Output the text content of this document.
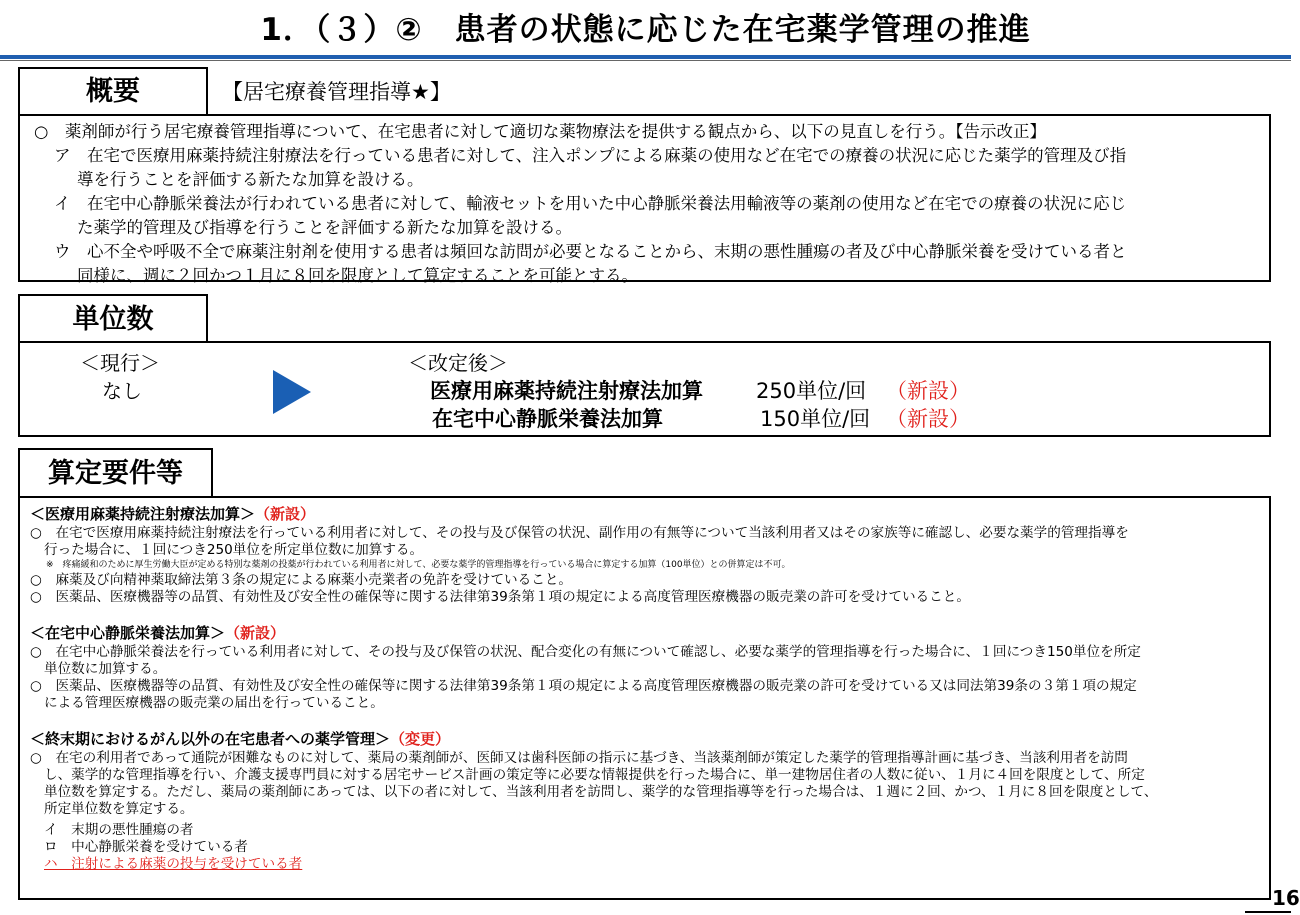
1．（３）②　患者の状態に応じた在宅薬学管理の推進
概要	【居宅療養管理指導★】
○　薬剤師が行う居宅療養管理指導について、在宅患者に対して適切な薬物療法を提供する観点から、以下の見直しを行う。【告示改正】
ア　在宅で医療用麻薬持続注射療法を行っている患者に対して、注入ポンプによる麻薬の使用など在宅での療養の状況に応じた薬学的管理及び指
導を行うことを評価する新たな加算を設ける。
イ　在宅中心静脈栄養法が行われている患者に対して、輸液セットを用いた中心静脈栄養法用輸液等の薬剤の使用など在宅での療養の状況に応じ
た薬学的管理及び指導を行うことを評価する新たな加算を設ける。
ウ　心不全や呼吸不全で麻薬注射剤を使用する患者は頻回な訪問が必要となることから、末期の悪性腫瘍の者及び中心静脈栄養を受けている者と
同様に、週に２回かつ１月に８回を限度として算定することを可能とする。
単位数
＜現行＞
なし
＜改定後＞
医療用麻薬持続注射療法加算	250単位/回 （新設）
在宅中心静脈栄養法加算	150単位/回 （新設）
算定要件等
＜医療用麻薬持続注射療法加算＞（新設）
○　在宅で医療用麻薬持続注射療法を行っている利用者に対して、その投与及び保管の状況、副作用の有無等について当該利用者又はその家族等に確認し、必要な薬学的管理指導を
行った場合に、１回につき250単位を所定単位数に加算する。
※　疼痛緩和のために厚生労働大臣が定める特別な薬剤の投薬が行われている利用者に対して、必要な薬学的管理指導を行っている場合に算定する加算（100単位）との併算定は不可。
○　麻薬及び向精神薬取締法第３条の規定による麻薬小売業者の免許を受けていること。
○　医薬品、医療機器等の品質、有効性及び安全性の確保等に関する法律第39条第１項の規定による高度管理医療機器の販売業の許可を受けていること。
＜在宅中心静脈栄養法加算＞（新設）
○　在宅中心静脈栄養法を行っている利用者に対して、その投与及び保管の状況、配合変化の有無について確認し、必要な薬学的管理指導を行った場合に、１回につき150単位を所定
単位数に加算する。
○　医薬品、医療機器等の品質、有効性及び安全性の確保等に関する法律第39条第１項の規定による高度管理医療機器の販売業の許可を受けている又は同法第39条の３第１項の規定
による管理医療機器の販売業の届出を行っていること。
＜終末期におけるがん以外の在宅患者への薬学管理＞（変更）
○　在宅の利用者であって通院が困難なものに対して、薬局の薬剤師が、医師又は歯科医師の指示に基づき、当該薬剤師が策定した薬学的管理指導計画に基づき、当該利用者を訪問
し、薬学的な管理指導を行い、介護支援専門員に対する居宅サービス計画の策定等に必要な情報提供を行った場合に、単一建物居住者の人数に従い、１月に４回を限度として、所定
単位数を算定する。ただし、薬局の薬剤師にあっては、以下の者に対して、当該利用者を訪問し、薬学的な管理指導等を行った場合は、１週に２回、かつ、１月に８回を限度として、
所定単位数を算定する。
イ　末期の悪性腫瘍の者
ロ　中心静脈栄養を受けている者
ハ　注射による麻薬の投与を受けている者
16
